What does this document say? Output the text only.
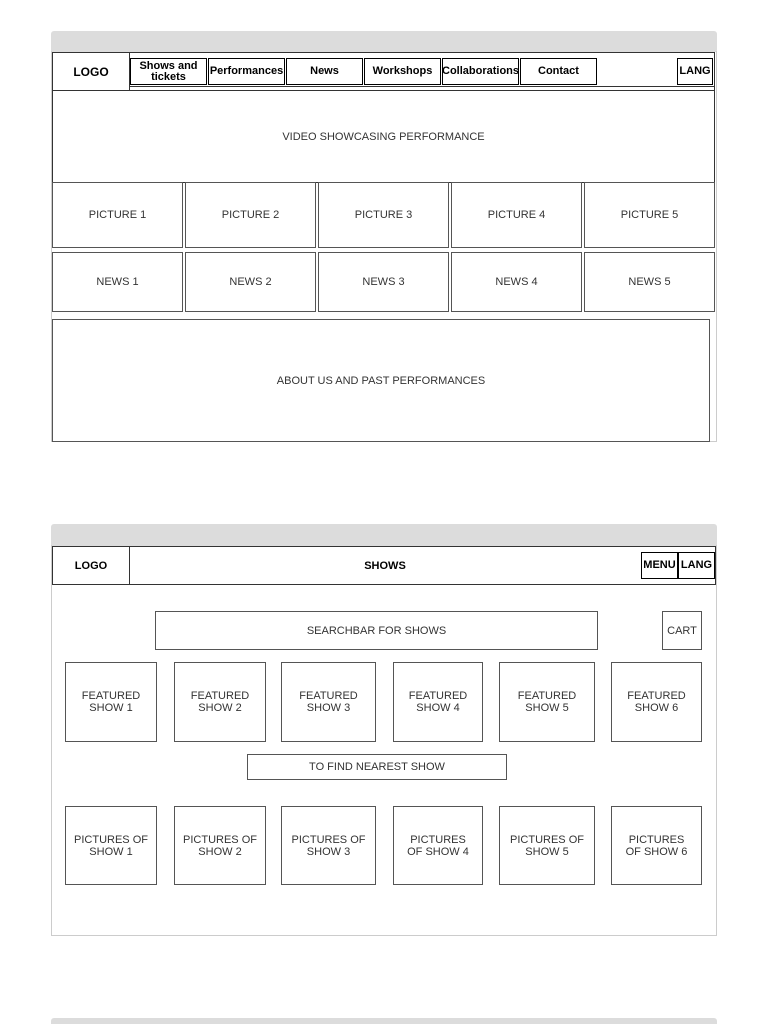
LOGO	Shows and tickets	Performances	News	Workshops Collaborations	Contact	LANG
VIDEO SHOWCASING PERFORMANCE
PICTURE 1	PICTURE 2	PICTURE 3	PICTURE 4	PICTURE 5
NEWS 1	NEWS 2	NEWS 3	NEWS 4	NEWS 5
ABOUT US AND PAST PERFORMANCES
LOGO	SHOWS	MENU LANG
SEARCHBAR FOR SHOWS	CART
FEATURED SHOW 1
FEATURED SHOW 2
FEATURED SHOW 3
FEATURED SHOW 4
FEATURED SHOW 5
FEATURED SHOW 6
TO FIND NEAREST SHOW
PICTURES OF SHOW 1
PICTURES OF SHOW 2
PICTURES OF SHOW 3
PICTURES OF SHOW 4
PICTURES OF SHOW 5
PICTURES OF SHOW 6
